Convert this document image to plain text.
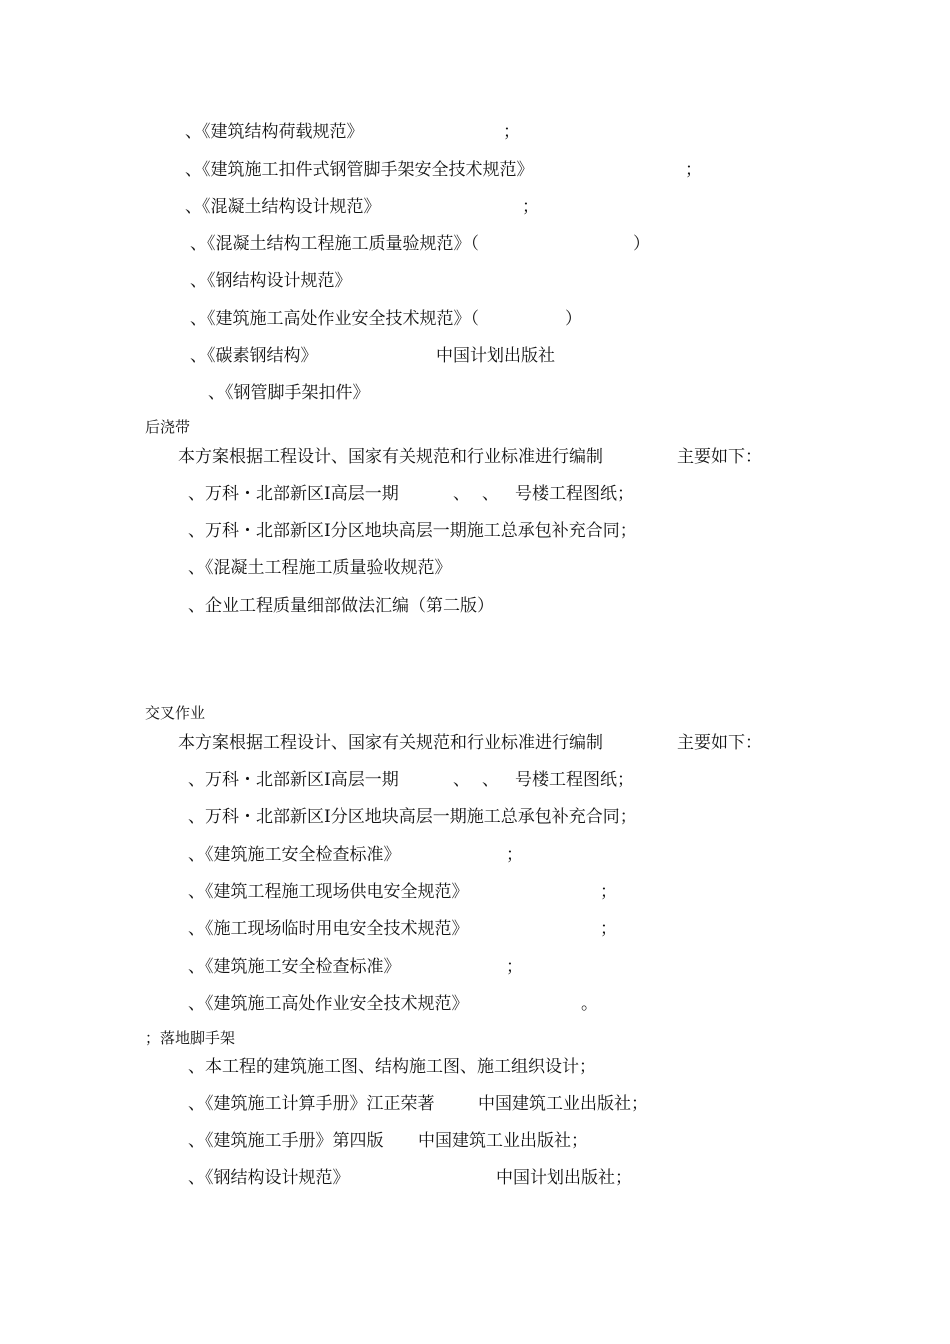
、《建筑结构荷载规范》	；
、《建筑施工扣件式钢管脚手架安全技术规范》	；
、《混凝土结构设计规范》	；
、《混凝土结构工程施工质量验规范》（	）
、《钢结构设计规范》
、《建筑施工高处作业安全技术规范》（	）
、《碳素钢结构》	中国计划出版社
、《钢管脚手架扣件》
后浇带
本方案根据工程设计、国家有关规范和行业标准进行编制	主要如下：
、万科・北部新区Ⅰ高层一期	、 、 号楼工程图纸；
、万科・北部新区Ⅰ分区地块高层一期施工总承包补充合同；
、《混凝土工程施工质量验收规范》
、企业工程质量细部做法汇编（第二版）
交叉作业
本方案根据工程设计、国家有关规范和行业标准进行编制	主要如下：
、万科・北部新区Ⅰ高层一期	、 、 号楼工程图纸；
、万科・北部新区Ⅰ分区地块高层一期施工总承包补充合同；
、《建筑施工安全检查标准》	；
、《建筑工程施工现场供电安全规范》	；
、《施工现场临时用电安全技术规范》	；
、《建筑施工安全检查标准》	；
、《建筑施工高处作业安全技术规范》	。
；落地脚手架
、本工程的建筑施工图、结构施工图、施工组织设计；
、《建筑施工计算手册》江正荣著	中国建筑工业出版社；
、《建筑施工手册》第四版 中国建筑工业出版社；
、《钢结构设计规范》	中国计划出版社；
